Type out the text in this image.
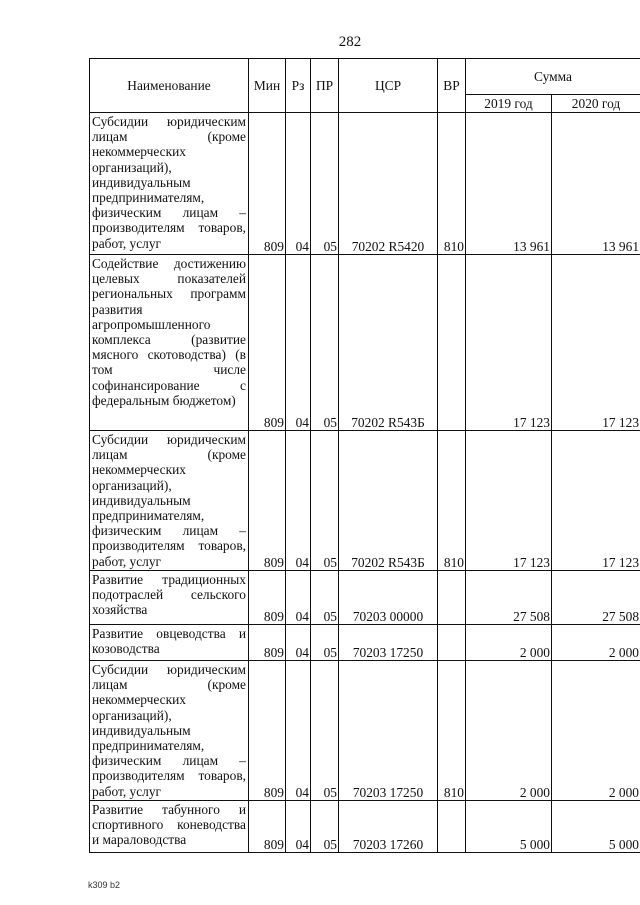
282
Наименование	Мин	Рз	ПР	ЦСР	ВР	Сумма	
						2019 год	2020 год
Субсидии юридическим лицам (кроме некоммерческих организаций), индивидуальным предпринимателям, физическим лицам – производителям товаров, работ, услуг	809	04	05	70202 R5420	810	13 961	13 961
Содействие достижению целевых показателей региональных программ развития агропромышленного комплекса (развитие мясного скотоводства) (в том числе софинансирование с федеральным бюджетом)	809	04	05	70202 R543Б		17 123	17 123
Субсидии юридическим лицам (кроме некоммерческих организаций), индивидуальным предпринимателям, физическим лицам – производителям товаров, работ, услуг	809	04	05	70202 R543Б	810	17 123	17 123
Развитие традиционных подотраслей сельского хозяйства	809	04	05	70203 00000		27 508	27 508
Развитие овцеводства и козоводства	809	04	05	70203 17250		2 000	2 000
Субсидии юридическим лицам (кроме некоммерческих организаций), индивидуальным предпринимателям, физическим лицам – производителям товаров, работ, услуг	809	04	05	70203 17250	810	2 000	2 000
Развитие табунного и спортивного коневодства и мараловодства	809	04	05	70203 17260		5 000	5 000
k309 b2
